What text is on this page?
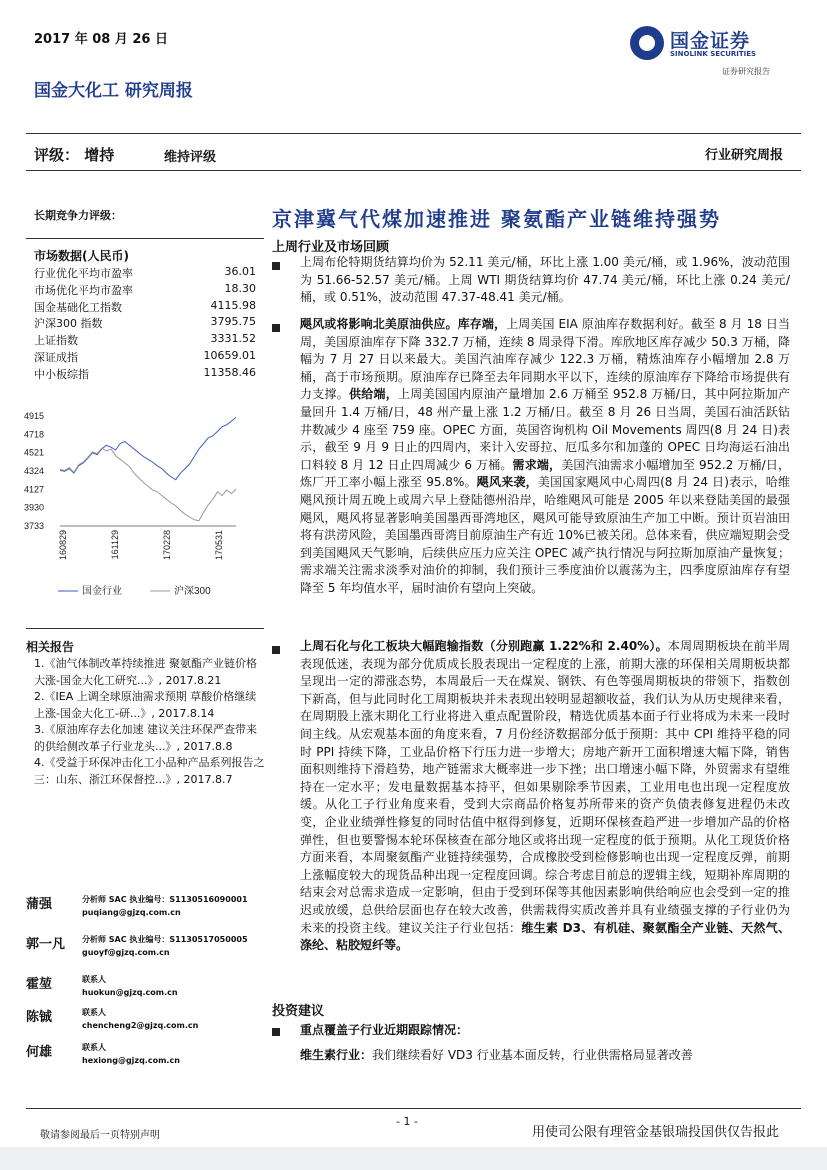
2017 年 08 月 26 日	国金证券
SINOLINK SECURITIES
证券研究报告
国金大化工 研究周报
评级： 增持	维持评级	行业研究周报
长期竞争力评级：
市场数据(人民币)
行业优化平均市盈率	36.01
市场优化平均市盈率	18.30
国金基础化工指数	4115.98
沪深300 指数	3795.75
上证指数	3331.52
深证成指	10659.01
中小板综指	11358.46
4915
4718
4521
4324
4127
3930
3733
160829	161129	170228	170531
国金行业	沪深300
相关报告

1.《油气体制改革持续推进 聚氨酯产业链价格大涨-国金大化工研究...》, 2017.8.21

2.《IEA 上调全球原油需求预期 草酸价格继续上涨-国金大化工-研...》, 2017.8.14

3.《原油库存去化加速 建议关注环保严查带来的供给侧改革子行业龙头...》, 2017.8.8

4.《受益于环保冲击化工小品种产品系列报告之三：山东、浙江环保督控...》, 2017.8.7

蒲强	分析师 SAC 执业编号：S1130516090001
puqiang@gjzq.com.cn
郭一凡 分析师 SAC 执业编号：S1130517050005
guoyf@gjzq.com.cn
霍堃	联系人
huokun@gjzq.com.cn
陈铖	联系人
chencheng2@gjzq.com.cn
何雄	联系人
hexiong@gjzq.com.cn
京津冀气代煤加速推进 聚氨酯产业链维持强势
上周行业及市场回顾
上周布伦特期货结算均价为 52.11 美元/桶，环比上涨 1.00 美元/桶，或 1.96%，波动范围为 51.66-52.57 美元/桶。上周 WTI 期货结算均价 47.74 美元/桶，环比上涨 0.24 美元/桶，或 0.51%，波动范围 47.37-48.41 美元/桶。
飓风或将影响北美原油供应。库存端，上周美国 EIA 原油库存数据利好。截至 8 月 18 日当周，美国原油库存下降 332.7 万桶，连续 8 周录得下滑。库欣地区库存减少 50.3 万桶，降幅为 7 月 27 日以来最大。美国汽油库存减少 122.3 万桶，精炼油库存小幅增加 2.8 万桶，高于市场预期。原油库存已降至去年同期水平以下，连续的原油库存下降给市场提供有力支撑。供给端，上周美国国内原油产量增加 2.6 万桶至 952.8 万桶/日，其中阿拉斯加产量回升 1.4 万桶/日，48 州产量上涨 1.2 万桶/日。截至 8 月 26 日当周，美国石油活跃钻井数减少 4 座至 759 座。OPEC 方面，英国咨询机构 Oil Movements 周四(8 月 24 日)表示，截至 9 月 9 日止的四周内，来计入安哥拉、厄瓜多尔和加蓬的 OPEC 日均海运石油出口料较 8 月 12 日止四周减少 6 万桶。需求端，美国汽油需求小幅增加至 952.2 万桶/日，炼厂开工率小幅上涨至 95.8%。飓风来袭，美国国家飓风中心周四(8 月 24 日)表示，哈维飓风预计周五晚上或周六早上登陆德州沿岸，哈维飓风可能是 2005 年以来登陆美国的最强飓风，飓风将显著影响美国墨西哥湾地区，飓风可能导致原油生产加工中断。预计页岩油田将有洪涝风险，美国墨西哥湾目前原油生产有近 10%已被关闭。总体来看，供应端短期会受到美国飓风天气影响，后续供应压力应关注 OPEC 减产执行情况与阿拉斯加原油产量恢复；需求端关注需求淡季对油价的抑制，我们预计三季度油价以震荡为主，四季度原油库存有望降至 5 年均值水平，届时油价有望向上突破。
上周石化与化工板块大幅跑输指数（分别跑赢 1.22%和 2.40%）。本周周期板块在前半周表现低迷，表现为部分优质成长股表现出一定程度的上涨，前期大涨的环保相关周期板块都呈现出一定的滞涨态势，本周最后一天在煤炭、钢铁、有色等强周期板块的带领下，指数创下新高，但与此同时化工周期板块并未表现出较明显超额收益，我们认为从历史规律来看，在周期股上涨末期化工行业将进入重点配置阶段，精选优质基本面子行业将成为未来一段时间主线。从宏观基本面的角度来看，7 月份经济数据部分低于预期：其中 CPI 维持平稳的同时 PPI 持续下降，工业品价格下行压力进一步增大；房地产新开工面积增速大幅下降，销售面积则维持下滑趋势，地产链需求大概率进一步下挫；出口增速小幅下降，外贸需求有望维持在一定水平；发电量数据基本持平，但如果剔除季节因素，工业用电也出现一定程度放缓。从化工子行业角度来看，受到大宗商品价格复苏所带来的资产负债表修复进程仍未改变，企业业绩弹性修复的同时估值中枢得到修复，近期环保核查趋严进一步增加产品的价格弹性，但也要警惕本轮环保核查在部分地区或将出现一定程度的低于预期。从化工现货价格方面来看，本周聚氨酯产业链持续强势，合成橡胶受到检修影响也出现一定程度反弹，前期上涨幅度较大的现货品种出现一定程度回调。综合考虑目前总的逻辑主线，短期补库周期的结束会对总需求造成一定影响，但由于受到环保等其他因素影响供给响应也会受到一定的推迟或放缓，总供给层面也存在较大改善，供需栽得实质改善并具有业绩强支撑的子行业仍为未来的投资主线。建议关注子行业包括：维生素 D3、有机硅、聚氨酯全产业链、天然气、涤纶、粘胶短纤等。
投资建议
重点覆盖子行业近期跟踪情况：
维生素行业：我们继续看好 VD3 行业基本面反转，行业供需格局显著改善
- 1 -
敬请参阅最后一页特别声明	用使司公限有理管金基银瑞投国供仅告报此
